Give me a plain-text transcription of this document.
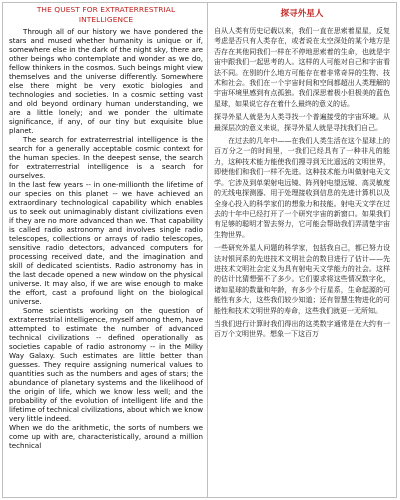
THE QUEST FOR EXTRATERRESTRIAL INTELLIGENCE

Through all of our history we have pondered the stars and mused whether humanity is unique or if, somewhere else in the dark of the night sky, there are other beings who contemplate and wonder as we do, fellow thinkers in the cosmos. Such beings might view themselves and the universe differently. Somewhere else there might be very exotic biologies and technologies and societies. In a cosmic setting vast and old beyond ordinary human understanding, we are a little lonely; and we ponder the ultimate significance, if any, of our tiny but exquisite blue planet.

The search for extraterrestrial intelligence is the search for a generally acceptable cosmic context for the human species. In the deepest sense, the search for extraterrestrial intelligence is a search for ourselves.

In the last few years -- in one-millionth the lifetime of our species on this planet -- we have achieved an extraordinary technological capability which enables us to seek out unimaginably distant civilizations even if they are no more advanced than we. That capability is called radio astronomy and involves single radio telescopes, collections or arrays of radio telescopes, sensitive radio detectors, advanced computers for processing received date, and the imagination and skill of dedicated scientists. Radio astronomy has in the last decade opened a new window on the physical universe. It may also, if we are wise enough to make the effort, cast a profound light on the biological universe.

Some scientists working on the question of extraterrestrial intelligence, myself among them, have attempted to estimate the number of advanced technical civilizations -- defined operationally as societies capable of radio astronomy -- in the Milky Way Galaxy. Such estimates are little better than guesses. They require assigning numerical values to quantities such as the numbers and ages of stars; the abundance of planetary systems and the likelihood of the origin of life, which we know less well; and the probability of the evolution of intelligent life and the lifetime of technical civilizations, about which we know very little indeed.

When we do the arithmetic, the sorts of numbers we come up with are, characteristically, around a million technical

探寻外星人

自从人类有历史记载以来，我们一直在思索着星星，反复考虑是否只有人类存在，或者说在太空深处的某个地方是否存在其他同我们一样在不停地思索着的生命，也就是宇宙中跟我们一起思考的人。这样的人可能对自己和宇宙看法不同。在别的什么地方可能存在着非常奇异的生物、技术和社会。我们在一个宇宙时间和空间都超出人类理解的宇宙环境里感到有点孤独。我们深思着极小但极美的蓝色星球，如果说它存在着什么最终的意义的话。

探寻外星人就是为人类寻找一个普遍接受的宇宙环境。从最深层次的意义来说，探寻外星人就是寻找我们自己。

在过去的几年中——在我们人类生活在这个星球上的百万分之一的时间里，一我们已经具有了一种非凡的能力，这种技术能力能使我们搜寻到无比遥远的文明世界，即使他们和我们一样不先进。这种技术能力叫做射电天文学。它涉及到单架射电远镜、阵列射电望远镜、高灵敏度的无线电探测器、用于处理接收到信息的先进计算机以及全身心投入的科学家们的想象力和技能。射电天文学在过去的十年中已经打开了一个研究宇宙的新窗口。如果我们有足够的聪明才智去努力，它可能会帮助我们弄清楚宇宙生物世界。

一些研究外星人问题的科学家，包括我自己，都已努力设法对银河系的先进技术文明社会的数目进行了估计——先进技术文明社会定义为具有射电天文学能力的社会。这样的估计比猜想强不了多少。它们要求将这些情况数字化，诸如星球的数量和年龄，有多少个行星系，生命起源的可能性有多大，这些我们较少知道；还有智慧生物进化的可能性和技术文明世界的寿命，这些我们就更一无所知。

当我们进行计算时我们得出的这类数字通常是在大约有一百万个文明世界。想象一下这百万
